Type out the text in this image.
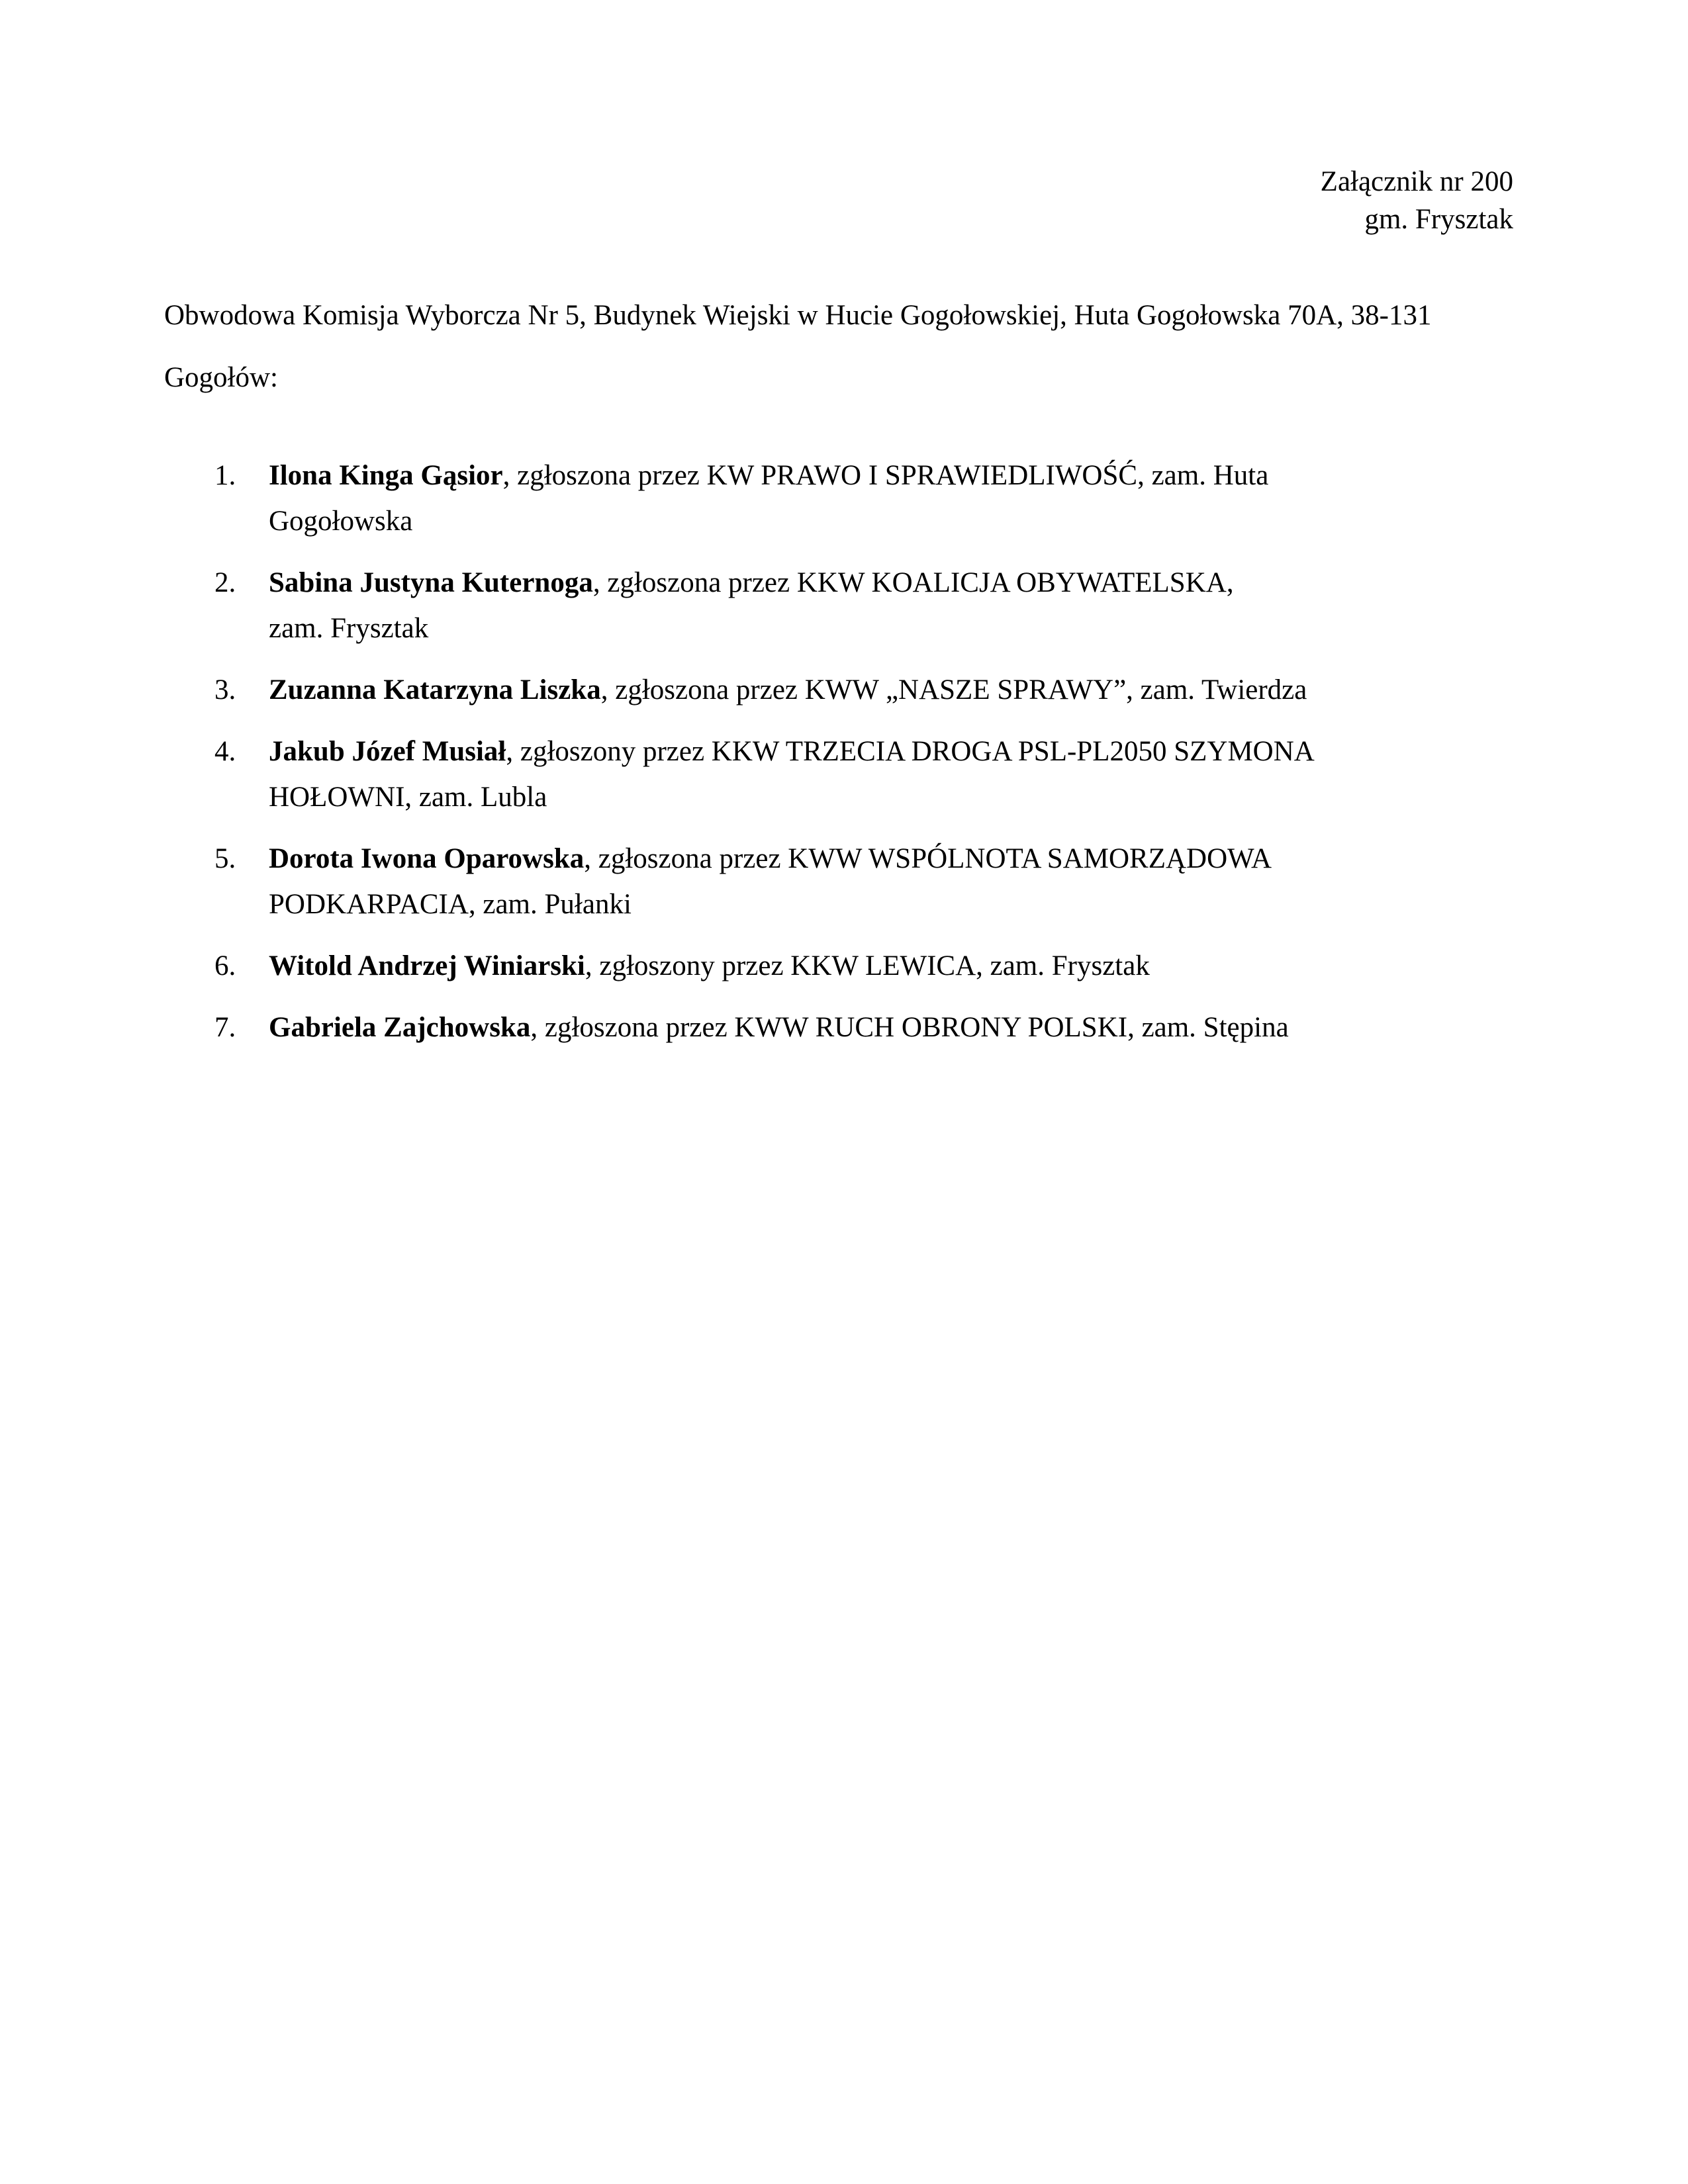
Załącznik nr 200
gm. Frysztak
Obwodowa Komisja Wyborcza Nr 5, Budynek Wiejski w Hucie Gogołowskiej, Huta Gogołowska 70A, 38-131 Gogołów:
1. Ilona Kinga Gąsior, zgłoszona przez KW PRAWO I SPRAWIEDLIWOŚĆ, zam. Huta
Gogołowska
2. Sabina Justyna Kuternoga, zgłoszona przez KKW KOALICJA OBYWATELSKA,
zam. Frysztak
3. Zuzanna Katarzyna Liszka, zgłoszona przez KWW „NASZE SPRAWY”, zam. Twierdza
4. Jakub Józef Musiał, zgłoszony przez KKW TRZECIA DROGA PSL-PL2050 SZYMONA
HOŁOWNI, zam. Lubla
5. Dorota Iwona Oparowska, zgłoszona przez KWW WSPÓLNOTA SAMORZĄDOWA
PODKARPACIA, zam. Pułanki
6. Witold Andrzej Winiarski, zgłoszony przez KKW LEWICA, zam. Frysztak
7. Gabriela Zajchowska, zgłoszona przez KWW RUCH OBRONY POLSKI, zam. Stępina
